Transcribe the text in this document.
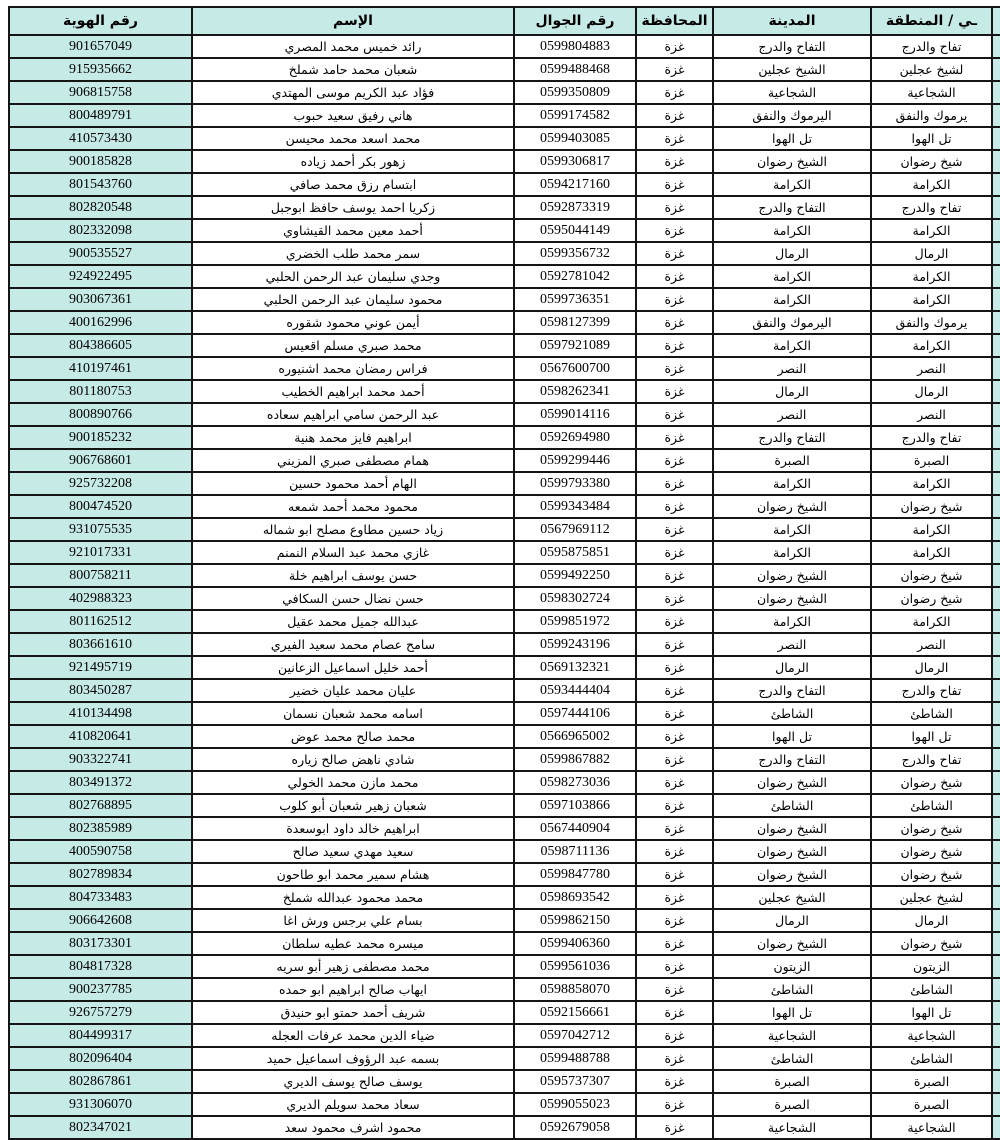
	ـي / المنطقة	المدينة	المحافظة	رقم الجوال	الإسم	رقم الهوية
	تفاح والدرج	التفاح والدرج	غزة	0599804883	رائد خميس محمد المصري	901657049
	لشيخ عجلين	الشيخ عجلين	غزة	0599488468	شعبان محمد حامد شملخ	915935662
	الشجاعية	الشجاعية	غزة	0599350809	فؤاد عبد الكريم موسى المهتدي	906815758
	يرموك والنفق	اليرموك والنفق	غزة	0599174582	هاني رفيق سعيد حبوب	800489791
	تل الهوا	تل الهوا	غزة	0599403085	محمد اسعد محمد محيسن	410573430
	شيخ رضوان	الشيخ رضوان	غزة	0599306817	زهور بكر أحمد زياده	900185828
	الكرامة	الكرامة	غزة	0594217160	ابتسام رزق محمد صافي	801543760
	تفاح والدرج	التفاح والدرج	غزة	0592873319	زكريا احمد يوسف حافظ ابوجبل	802820548
	الكرامة	الكرامة	غزة	0595044149	أحمد معين محمد القيشاوي	802332098
	الرمال	الرمال	غزة	0599356732	سمر محمد طلب الخضري	900535527
	الكرامة	الكرامة	غزة	0592781042	وجدي سليمان عبد الرحمن الحلبي	924922495
	الكرامة	الكرامة	غزة	0599736351	محمود سليمان عبد الرحمن الحلبي	903067361
	يرموك والنفق	اليرموك والنفق	غزة	0598127399	أيمن عوني محمود شقوره	400162996
	الكرامة	الكرامة	غزة	0597921089	محمد صبري مسلم اقعيس	804386605
	النصر	النصر	غزة	0567600700	فراس رمضان محمد اشنيوره	410197461
	الرمال	الرمال	غزة	0598262341	أحمد محمد ابراهيم الخطيب	801180753
	النصر	النصر	غزة	0599014116	عبد الرحمن سامي ابراهيم سعاده	800890766
	تفاح والدرج	التفاح والدرج	غزة	0592694980	ابراهيم فايز محمد هنية	900185232
	الصبرة	الصبرة	غزة	0599299446	همام مصطفى صبري المزيني	906768601
	الكرامة	الكرامة	غزة	0599793380	الهام أحمد محمود حسين	925732208
	شيخ رضوان	الشيخ رضوان	غزة	0599343484	محمود محمد أحمد شمعه	800474520
	الكرامة	الكرامة	غزة	0567969112	زياد حسين مطاوع مصلح ابو شماله	931075535
	الكرامة	الكرامة	غزة	0595875851	غازي محمد عبد السلام النمنم	921017331
	شيخ رضوان	الشيخ رضوان	غزة	0599492250	حسن يوسف ابراهيم خلة	800758211
	شيخ رضوان	الشيخ رضوان	غزة	0598302724	حسن نضال حسن السكافي	402988323
	الكرامة	الكرامة	غزة	0599851972	عبدالله جميل محمد عقيل	801162512
	النصر	النصر	غزة	0599243196	سامح عصام محمد سعيد الفيري	803661610
	الرمال	الرمال	غزة	0569132321	أحمد خليل اسماعيل الزعانين	921495719
	تفاح والدرج	التفاح والدرج	غزة	0593444404	عليان محمد عليان خضير	803450287
	الشاطئ	الشاطئ	غزة	0597444106	اسامه محمد شعبان نسمان	410134498
	تل الهوا	تل الهوا	غزة	0566965002	محمد صالح محمد عوض	410820641
	تفاح والدرج	التفاح والدرج	غزة	0599867882	شادي ناهض صالح زياره	903322741
	شيخ رضوان	الشيخ رضوان	غزة	0598273036	محمد مازن محمد الخولي	803491372
	الشاطئ	الشاطئ	غزة	0597103866	شعبان زهير شعبان أبو كلوب	802768895
	شيخ رضوان	الشيخ رضوان	غزة	0567440904	ابراهيم خالد داود ابوسعدة	802385989
	شيخ رضوان	الشيخ رضوان	غزة	0598711136	سعيد مهدي سعيد صالح	400590758
	شيخ رضوان	الشيخ رضوان	غزة	0599847780	هشام سمير محمد ابو طاحون	802789834
	لشيخ عجلين	الشيخ عجلين	غزة	0598693542	محمد محمود عبدالله شملخ	804733483
	الرمال	الرمال	غزة	0599862150	بسام علي برجس ورش اغا	906642608
	شيخ رضوان	الشيخ رضوان	غزة	0599406360	ميسره محمد عطيه سلطان	803173301
	الزيتون	الزيتون	غزة	0599561036	محمد مصطفى زهير أبو سريه	804817328
	الشاطئ	الشاطئ	غزة	0598858070	ايهاب صالح ابراهيم ابو حمده	900237785
	تل الهوا	تل الهوا	غزة	0592156661	شريف أحمد حمتو ابو حنيدق	926757279
	الشجاعية	الشجاعية	غزة	0597042712	ضياء الدين محمد عرفات العجله	804499317
	الشاطئ	الشاطئ	غزة	0599488788	بسمه عبد الرؤوف اسماعيل حميد	802096404
	الصبرة	الصبرة	غزة	0595737307	يوسف صالح يوسف الديري	802867861
	الصبرة	الصبرة	غزة	0599055023	سعاد محمد سويلم الديري	931306070
	الشجاعية	الشجاعية	غزة	0592679058	محمود اشرف محمود سعد	802347021
